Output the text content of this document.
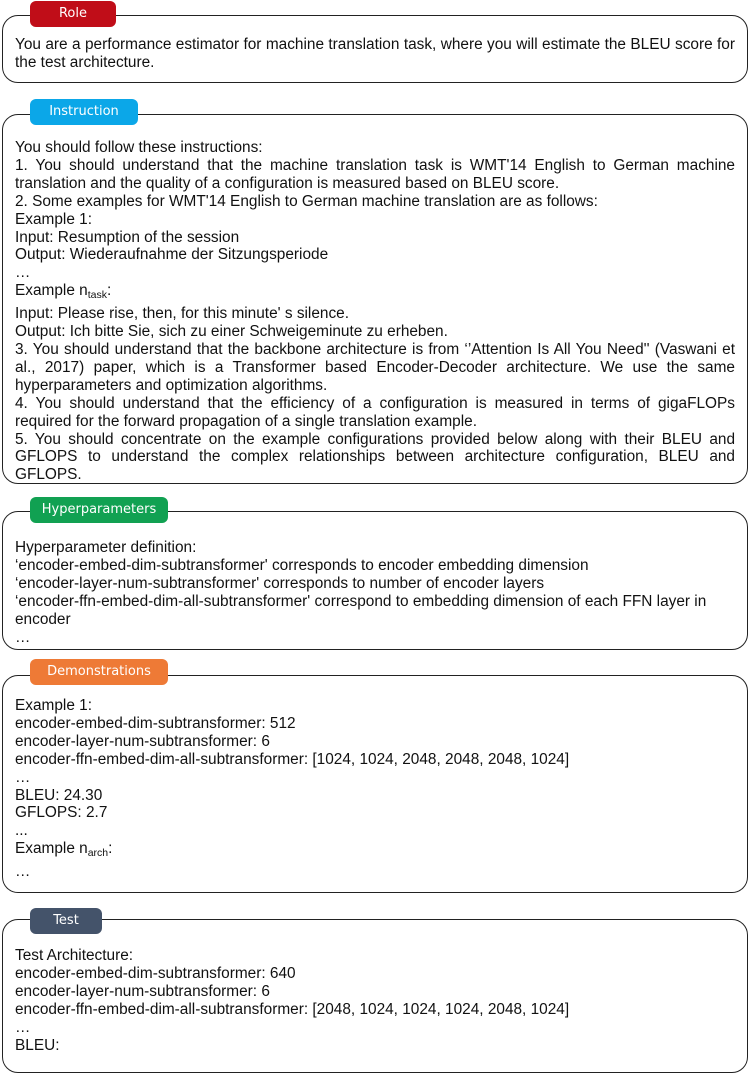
Role

You are a performance estimator for machine translation task, where you will estimate the BLEU score for the test architecture.

Instruction

You should follow these instructions:

1. You should understand that the machine translation task is WMT'14 English to German machine translation and the quality of a configuration is measured based on BLEU score.

2. Some examples for WMT'14 English to German machine translation are as follows:

Example 1:

Input: Resumption of the session

Output: Wiederaufnahme der Sitzungsperiode

…

Example $n_{task}$:

Input: Please rise, then, for this minute' s silence.

Output: Ich bitte Sie, sich zu einer Schweigeminute zu erheben.

3. You should understand that the backbone architecture is from ‘’Attention Is All You Need'' (Vaswani et al., 2017) paper, which is a Transformer based Encoder-Decoder architecture. We use the same hyperparameters and optimization algorithms.

4. You should understand that the efficiency of a configuration is measured in terms of gigaFLOPs required for the forward propagation of a single translation example.

5. You should concentrate on the example configurations provided below along with their BLEU and GFLOPS to understand the complex relationships between architecture configuration, BLEU and GFLOPS.

Hyperparameters

Hyperparameter definition:

‘encoder-embed-dim-subtransformer' corresponds to encoder embedding dimension

‘encoder-layer-num-subtransformer' corresponds to number of encoder layers

‘encoder-ffn-embed-dim-all-subtransformer' correspond to embedding dimension of each FFN layer in encoder

…

Demonstrations

Example 1:

encoder-embed-dim-subtransformer: 512

encoder-layer-num-subtransformer: 6

encoder-ffn-embed-dim-all-subtransformer: [1024, 1024, 2048, 2048, 2048, 1024]

…

BLEU: 24.30

GFLOPS: 2.7

...

Example $n_{arch}$:

…

Test

Test Architecture:

encoder-embed-dim-subtransformer: 640

encoder-layer-num-subtransformer: 6

encoder-ffn-embed-dim-all-subtransformer: [2048, 1024, 1024, 1024, 2048, 1024]

…

BLEU:
